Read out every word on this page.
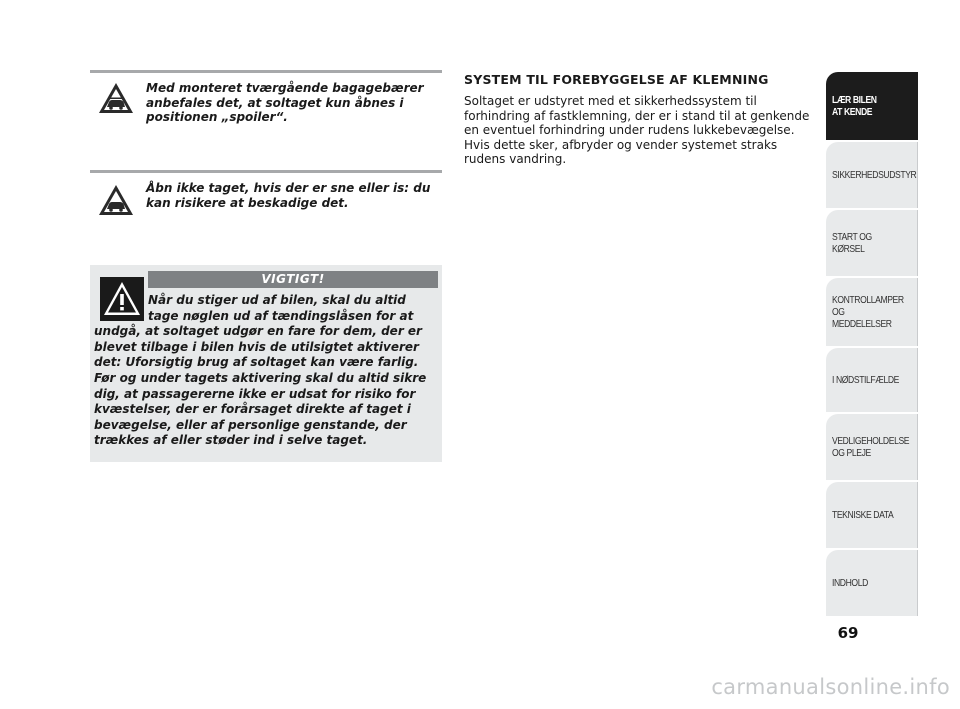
Med monteret tværgående bagagebærer anbefales det, at soltaget kun åbnes i positionen „spoiler“.
Åbn ikke taget, hvis der er sne eller is: du kan risikere at beskadige det.
VIGTIGT!
Når du stiger ud af bilen, skal du altid tage nøglen ud af tændingslåsen for at undgå, at soltaget udgør en fare for dem, der er blevet tilbage i bilen hvis de utilsigtet aktiverer det: Uforsigtig brug af soltaget kan være farlig. Før og under tagets aktivering skal du altid sikre dig, at passagererne ikke er udsat for risiko for kvæstelser, der er forårsaget direkte af taget i bevægelse, eller af personlige genstande, der trækkes af eller støder ind i selve taget.
SYSTEM TIL FOREBYGGELSE AF KLEMNING

Soltaget er udstyret med et sikkerhedssystem til forhindring af fastklemning, der er i stand til at genkende en eventuel forhindring under rudens lukkebevægelse. Hvis dette sker, afbryder og vender systemet straks rudens vandring.

LÆR BILEN
AT KENDE
SIKKERHEDSUDSTYR
START OG KØRSEL
KONTROLLAMPER
OG MEDDELELSER
I NØDSTILFÆLDE
VEDLIGEHOLDELSE
OG PLEJE
TEKNISKE DATA
INDHOLD
69
carmanualsonline.info
